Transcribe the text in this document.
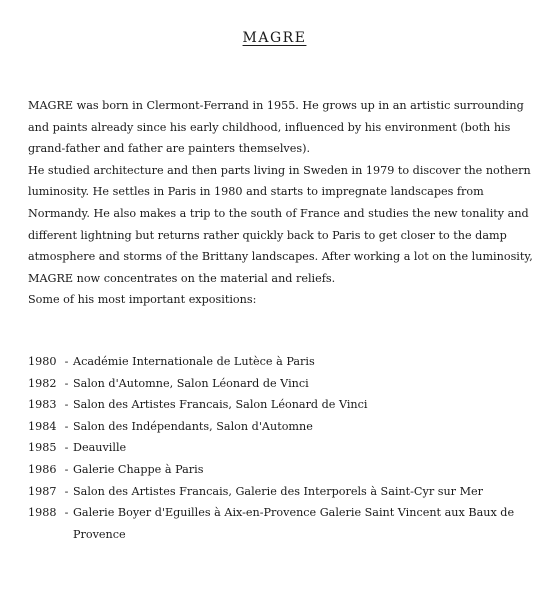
MAGRE

MAGRE was born in Clermont-Ferrand in 1955. He grows up in an artistic surrounding and paints already since his early childhood, influenced by his environment (both his grand-father and father are painters themselves).

He studied architecture and then parts living in Sweden in 1979 to discover the nothern luminosity. He settles in Paris in 1980 and starts to impregnate landscapes from Normandy. He also makes a trip to the south of France and studies the new tonality and different lightning but returns rather quickly back to Paris to get closer to the damp atmosphere and storms of the Brittany landscapes. After working a lot on the luminosity, MAGRE now concentrates on the material and reliefs.

Some of his most important expositions:

1980 - Académie Internationale de Lutèce à Paris
1982 - Salon d'Automne, Salon Léonard de Vinci
1983 - Salon des Artistes Francais, Salon Léonard de Vinci
1984 - Salon des Indépendants, Salon d'Automne
1985 - Deauville
1986 - Galerie Chappe à Paris
1987 - Salon des Artistes Francais, Galerie des Interporels à Saint-Cyr sur Mer
1988 - Galerie Boyer d'Eguilles à Aix-en-Provence Galerie Saint Vincent aux Baux de Provence
